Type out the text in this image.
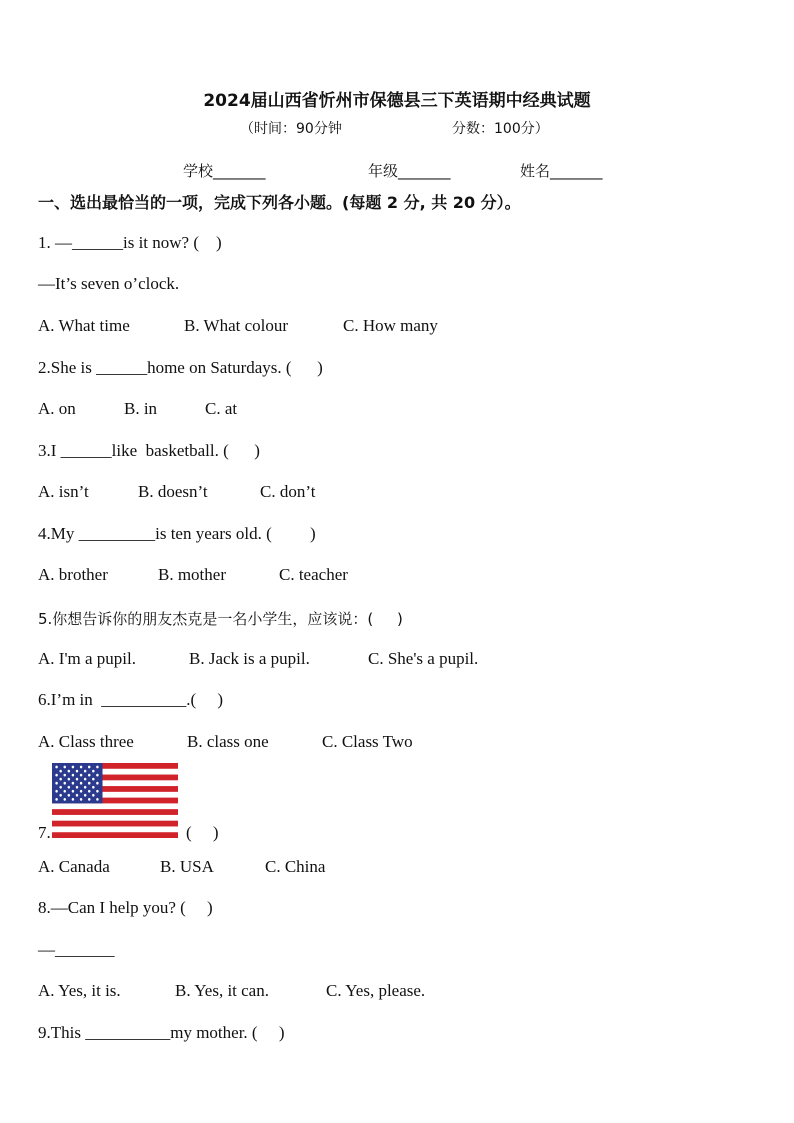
2024届山西省忻州市保德县三下英语期中经典试题
（时间：90分钟	分数：100分）
学校_______	年级_______	姓名_______
一、选出最恰当的一项，完成下列各小题。(每题 2 分, 共 20 分）。
1. —______is it now? (    )
—It’s seven o’clock.
A. What time	B. What colour	C. How many
2.She is ______home on Saturdays. (      )
A. on	B. in	C. at
3.I ______like  basketball. (      )
A. isn’t	B. doesn’t	C. don’t
4.My _________is ten years old. (         )
A. brother	B. mother	C. teacher
5.你想告诉你的朋友杰克是一名小学生，应该说：(     )
A. I'm a pupil.	B. Jack is a pupil.	C. She's a pupil.
6.I’m in  __________.(     )
A. Class three	B. class one	C. Class Two
7.	(     )
A. Canada	B. USA	C. China
8.—Can I help you? (     )
—_______
A. Yes, it is.	B. Yes, it can.	C. Yes, please.
9.This __________my mother. (     )
